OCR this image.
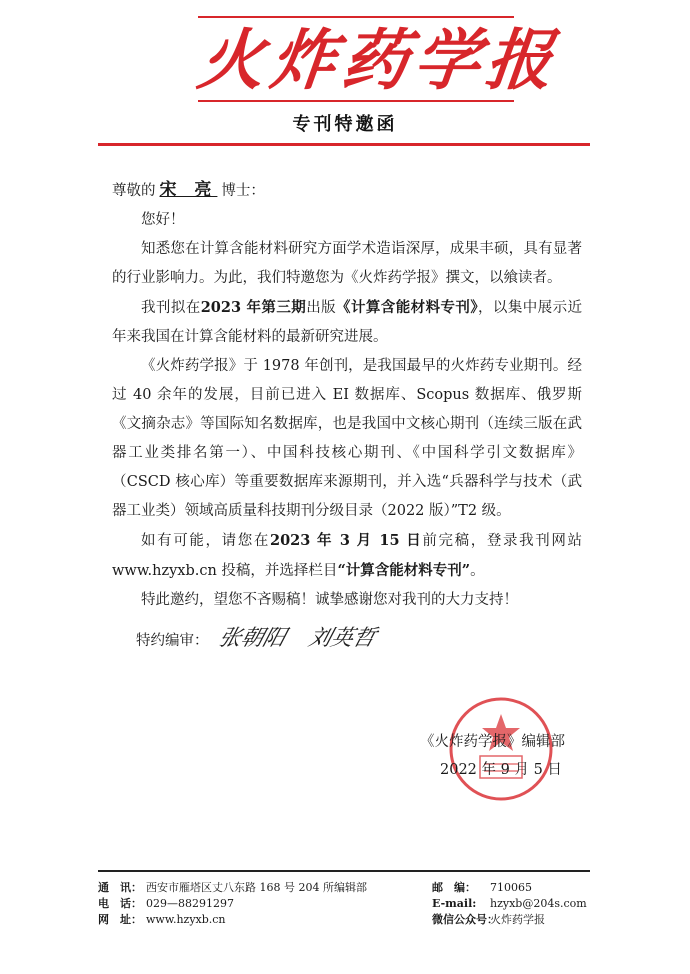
火炸药学报
专刊特邀函

尊敬的 宋 亮 博士：

您好！

知悉您在计算含能材料研究方面学术造诣深厚，成果丰硕，具有显著的行业影响力。为此，我们特邀您为《火炸药学报》撰文，以飨读者。

我刊拟在2023 年第三期出版《计算含能材料专刊》，以集中展示近年来我国在计算含能材料的最新研究进展。

《火炸药学报》于 1978 年创刊，是我国最早的火炸药专业期刊。经过 40 余年的发展，目前已进入 EI 数据库、Scopus 数据库、俄罗斯《文摘杂志》等国际知名数据库，也是我国中文核心期刊（连续三版在武器工业类排名第一）、中国科技核心期刊、《中国科学引文数据库》（CSCD 核心库）等重要数据库来源期刊，并入选“兵器科学与技术（武器工业类）领域高质量科技期刊分级目录（2022 版）”T2 级。

如有可能，请您在2023 年 3 月 15 日前完稿，登录我刊网站 www.hzyxb.cn 投稿，并选择栏目“计算含能材料专刊”。

特此邀约，望您不吝赐稿！诚挚感谢您对我刊的大力支持！

特约编审： 张朝阳 刘英哲
《火炸药学报》编辑部
2022 年 9 月 5 日
通　讯： 西安市雁塔区丈八东路 168 号 204 所编辑部
电　话： 029—88291297
网　址： www.hzyxb.cn
邮　编： 710065
E-mail: hzyxb@204s.com
微信公众号：火炸药学报
